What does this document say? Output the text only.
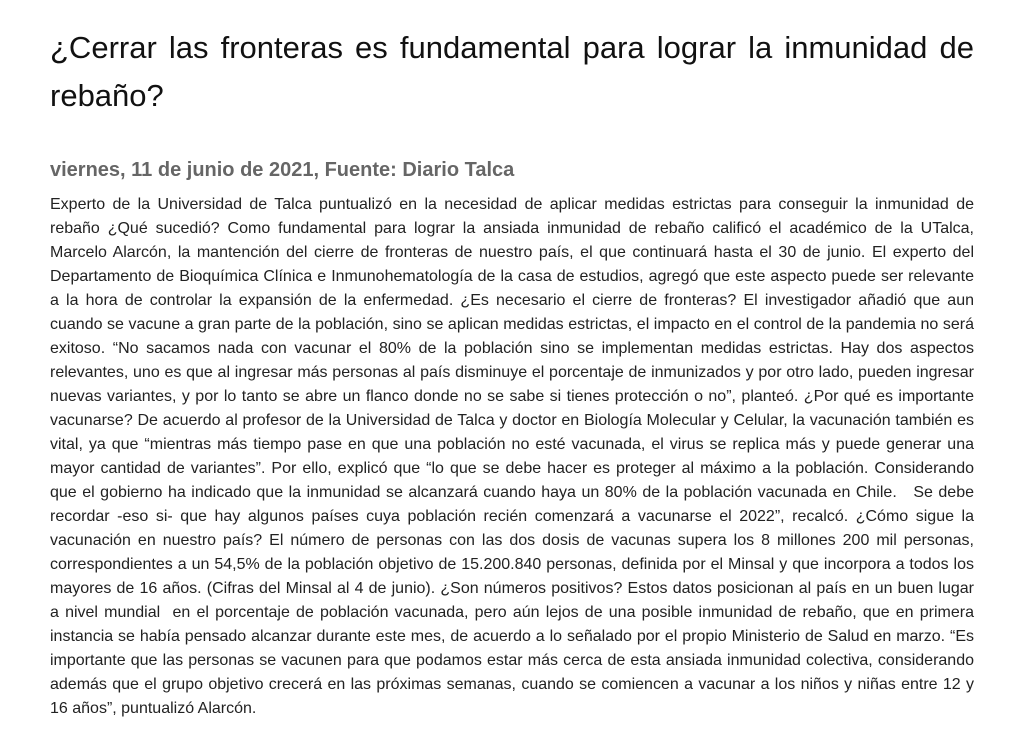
¿Cerrar las fronteras es fundamental para lograr la inmunidad de rebaño?
viernes, 11 de junio de 2021, Fuente: Diario Talca

Experto de la Universidad de Talca puntualizó en la necesidad de aplicar medidas estrictas para conseguir la inmunidad de rebaño ¿Qué sucedió? Como fundamental para lograr la ansiada inmunidad de rebaño calificó el académico de la UTalca, Marcelo Alarcón, la mantención del cierre de fronteras de nuestro país, el que continuará hasta el 30 de junio. El experto del Departamento de Bioquímica Clínica e Inmunohematología de la casa de estudios, agregó que este aspecto puede ser relevante a la hora de controlar la expansión de la enfermedad. ¿Es necesario el cierre de fronteras? El investigador añadió que aun cuando se vacune a gran parte de la población, sino se aplican medidas estrictas, el impacto en el control de la pandemia no será exitoso. “No sacamos nada con vacunar el 80% de la población sino se implementan medidas estrictas. Hay dos aspectos relevantes, uno es que al ingresar más personas al país disminuye el porcentaje de inmunizados y por otro lado, pueden ingresar nuevas variantes, y por lo tanto se abre un flanco donde no se sabe si tienes protección o no”, planteó. ¿Por qué es importante vacunarse? De acuerdo al profesor de la Universidad de Talca y doctor en Biología Molecular y Celular, la vacunación también es vital, ya que “mientras más tiempo pase en que una población no esté vacunada, el virus se replica más y puede generar una mayor cantidad de variantes”. Por ello, explicó que “lo que se debe hacer es proteger al máximo a la población. Considerando que el gobierno ha indicado que la inmunidad se alcanzará cuando haya un 80% de la población vacunada en Chile.   Se debe recordar -eso si- que hay algunos países cuya población recién comenzará a vacunarse el 2022”, recalcó. ¿Cómo sigue la vacunación en nuestro país? El número de personas con las dos dosis de vacunas supera los 8 millones 200 mil personas, correspondientes a un 54,5% de la población objetivo de 15.200.840 personas, definida por el Minsal y que incorpora a todos los mayores de 16 años. (Cifras del Minsal al 4 de junio). ¿Son números positivos? Estos datos posicionan al país en un buen lugar  a nivel mundial  en el porcentaje de población vacunada, pero aún lejos de una posible inmunidad de rebaño, que en primera instancia se había pensado alcanzar durante este mes, de acuerdo a lo señalado por el propio Ministerio de Salud en marzo. “Es importante que las personas se vacunen para que podamos estar más cerca de esta ansiada inmunidad colectiva, considerando además que el grupo objetivo crecerá en las próximas semanas, cuando se comiencen a vacunar a los niños y niñas entre 12 y 16 años”, puntualizó Alarcón.
